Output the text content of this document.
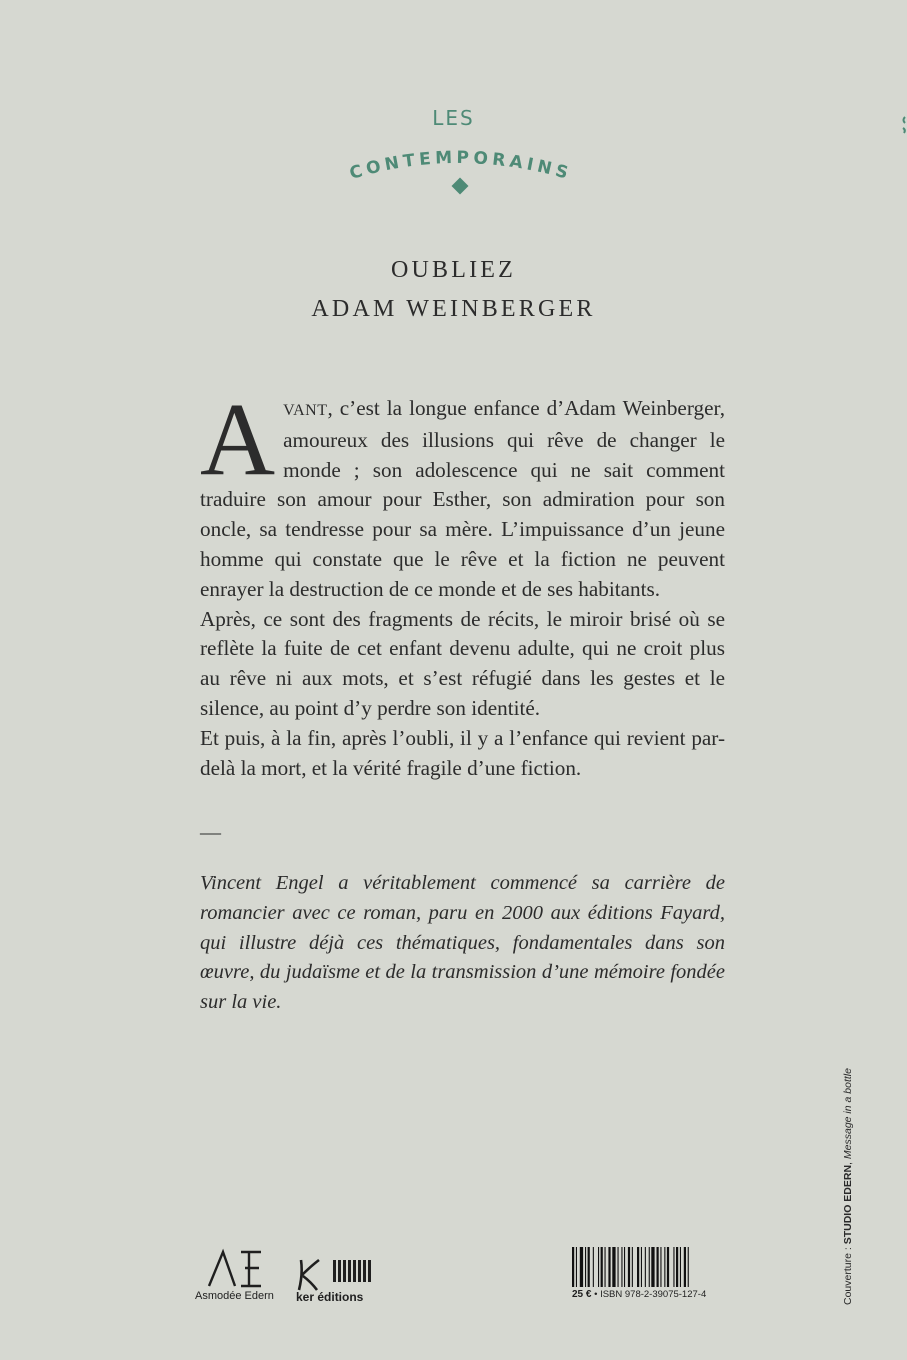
LES
CONTEMPORAINS
OUBLIEZ
ADAM WEINBERGER

AVANT, c’est la longue enfance d’Adam Weinberger, amoureux des illusions qui rêve de changer le monde ; son adolescence qui ne sait comment traduire son amour pour Esther, son admiration pour son oncle, sa tendresse pour sa mère. L’impuissance d’un jeune homme qui constate que le rêve et la fiction ne peuvent enrayer la destruction de ce monde et de ses habitants.

Après, ce sont des fragments de récits, le miroir brisé où se reflète la fuite de cet enfant devenu adulte, qui ne croit plus au rêve ni aux mots, et s’est réfugié dans les gestes et le silence, au point d’y perdre son identité.

Et puis, à la fin, après l’oubli, il y a l’enfance qui revient par-delà la mort, et la vérité fragile d’une fiction.

—
Vincent Engel a véritablement commencé sa carrière de romancier avec ce roman, paru en 2000 aux éditions Fayard, qui illustre déjà ces thématiques, fondamentales dans son œuvre, du judaïsme et de la transmission d’une mémoire fondée sur la vie.
Couverture : STUDIO EDERN, Message in a bottle
Asmodée Edern	ker éditions	25 € • ISBN 978-2-39075-127-4
